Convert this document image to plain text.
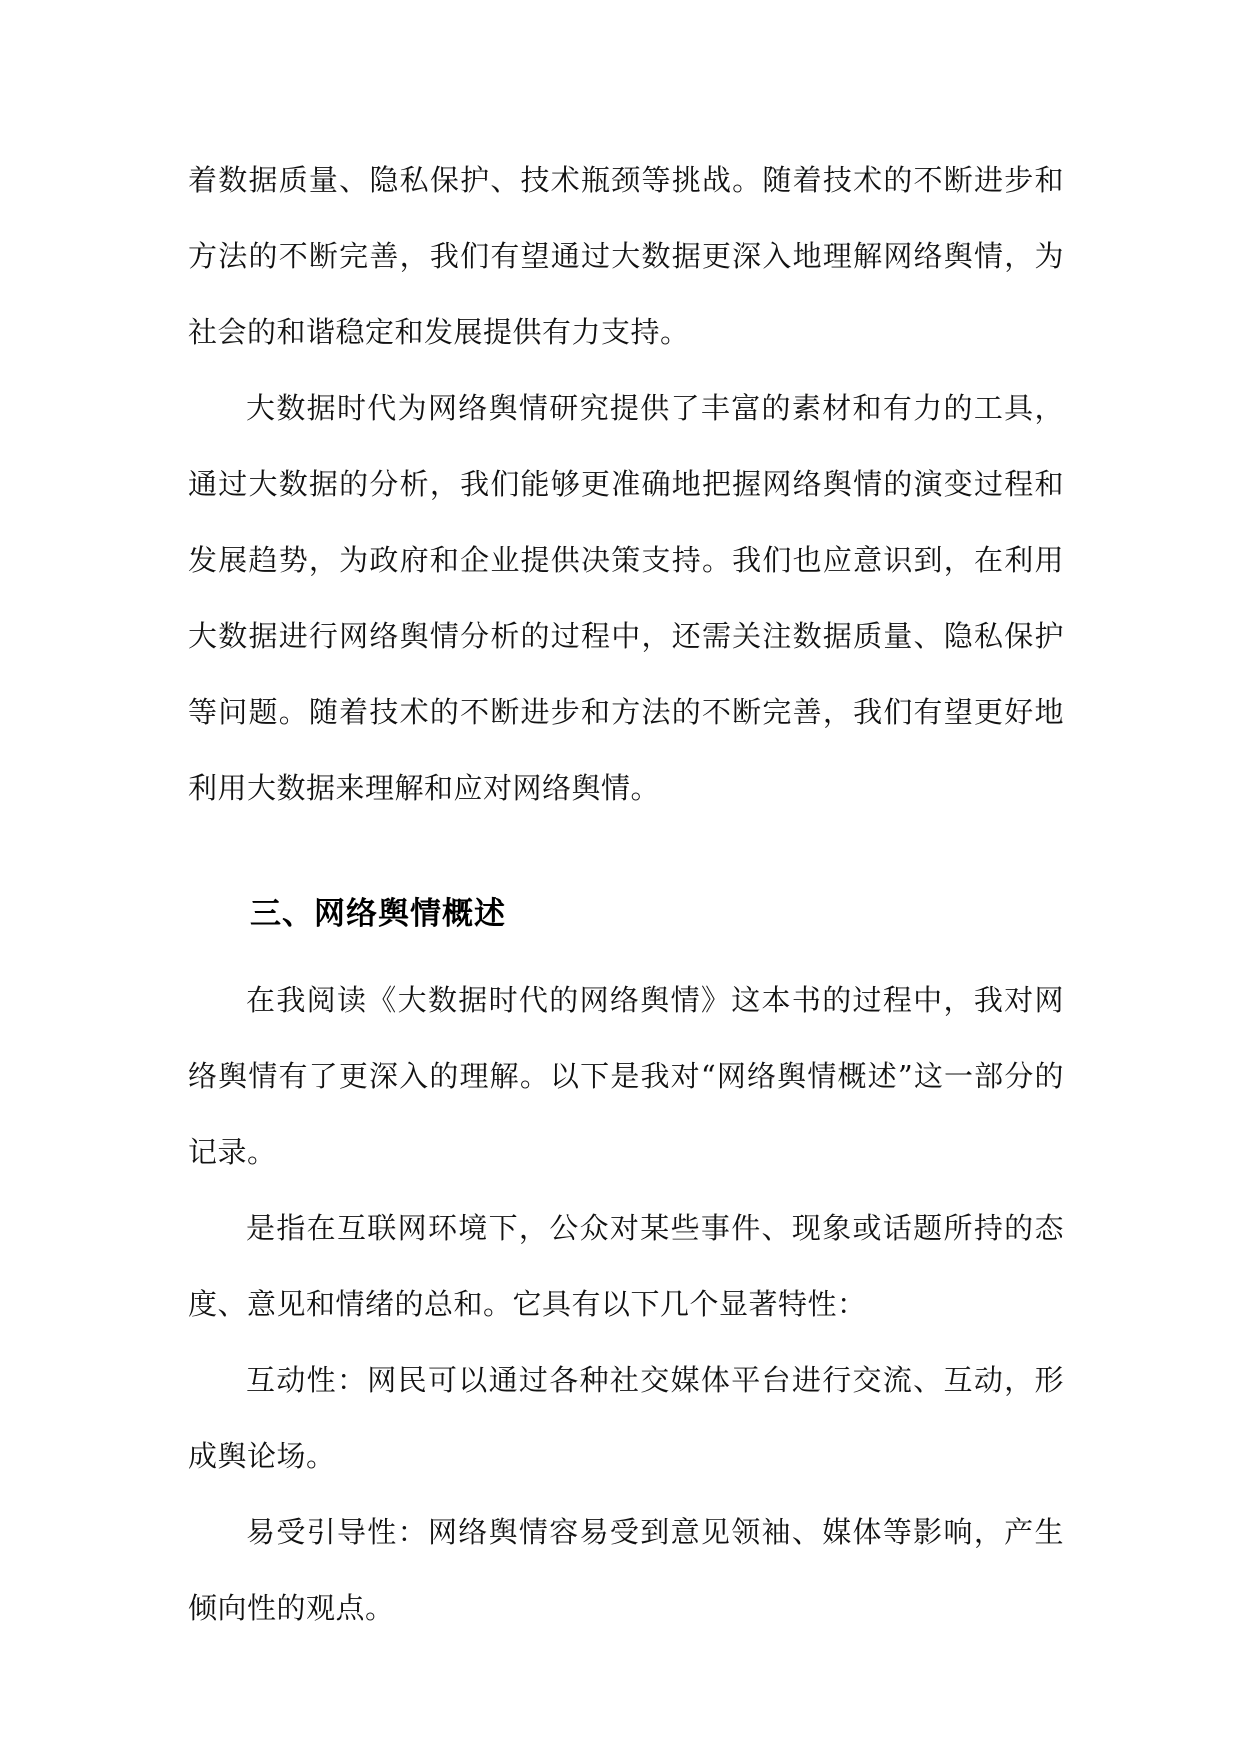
着数据质量、隐私保护、技术瓶颈等挑战。随着技术的不断进步和方法的不断完善，我们有望通过大数据更深入地理解网络舆情，为社会的和谐稳定和发展提供有力支持。

大数据时代为网络舆情研究提供了丰富的素材和有力的工具，通过大数据的分析，我们能够更准确地把握网络舆情的演变过程和发展趋势，为政府和企业提供决策支持。我们也应意识到，在利用大数据进行网络舆情分析的过程中，还需关注数据质量、隐私保护等问题。随着技术的不断进步和方法的不断完善，我们有望更好地利用大数据来理解和应对网络舆情。

三、网络舆情概述

在我阅读《大数据时代的网络舆情》这本书的过程中，我对网络舆情有了更深入的理解。以下是我对“网络舆情概述”这一部分的记录。

是指在互联网环境下，公众对某些事件、现象或话题所持的态度、意见和情绪的总和。它具有以下几个显著特性：

互动性：网民可以通过各种社交媒体平台进行交流、互动，形成舆论场。

易受引导性：网络舆情容易受到意见领袖、媒体等影响，产生倾向性的观点。
